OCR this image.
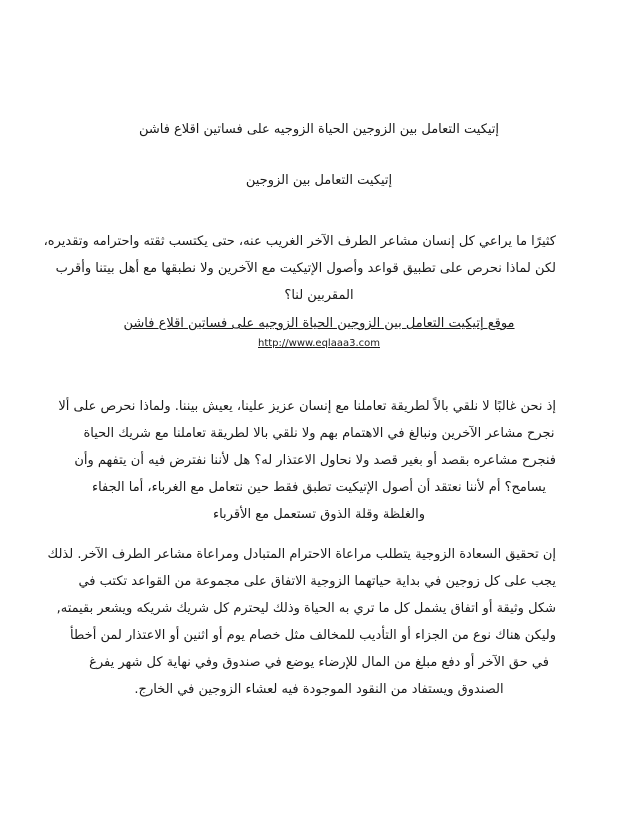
إتيكيت التعامل بين الزوجين الحياة الزوجيه على فساتين اقلاع فاشن
إتيكيت التعامل بين الزوجين
كثيرًا ما يراعي كل إنسان مشاعر الطرف الآخر الغريب عنه، حتى يكتسب ثقته واحترامه وتقديره،
لكن لماذا نحرص على تطبيق قواعد وأصول الإتيكيت مع الآخرين ولا نطبقها مع أهل بيتنا وأقرب
المقربين لنا؟
موقع إتيكيت التعامل بين الزوجين الحياة الزوجيه على فساتين اقلاع فاشن
http://www.eqlaaa3.com
إذ نحن غالبًا لا نلقي بالاً لطريقة تعاملنا مع إنسان عزيز علينا، يعيش بيننا. ولماذا نحرص على ألا
نجرح مشاعر الآخرين ونبالغ في الاهتمام بهم ولا نلقي بالا لطريقة تعاملنا مع شريك الحياة
فنجرح مشاعره بقصد أو بغير قصد ولا نحاول الاعتذار له؟ هل لأننا نفترض فيه أن يتفهم وأن
يسامح؟ أم لأننا نعتقد أن أصول الإتيكيت تطبق فقط حين نتعامل مع الغرباء، أما الجفاء
والغلظة وقلة الذوق تستعمل مع الأقرباء
إن تحقيق السعادة الزوجية يتطلب مراعاة الاحترام المتبادل ومراعاة مشاعر الطرف الآخر. لذلك
يجب على كل زوجين في بداية حياتهما الزوجية الاتفاق على مجموعة من القواعد تكتب في
شكل وثيقة أو اتفاق يشمل كل ما تري به الحياة وذلك ليحترم كل شريك شريكه ويشعر بقيمته,
وليكن هناك نوع من الجزاء أو التأديب للمخالف مثل خصام يوم أو اثنين أو الاعتذار لمن أخطأ
في حق الآخر أو دفع مبلغ من المال للإرضاء يوضع في صندوق وفي نهاية كل شهر يفرغ
الصندوق ويستفاد من النقود الموجودة فيه لعشاء الزوجين في الخارج.
